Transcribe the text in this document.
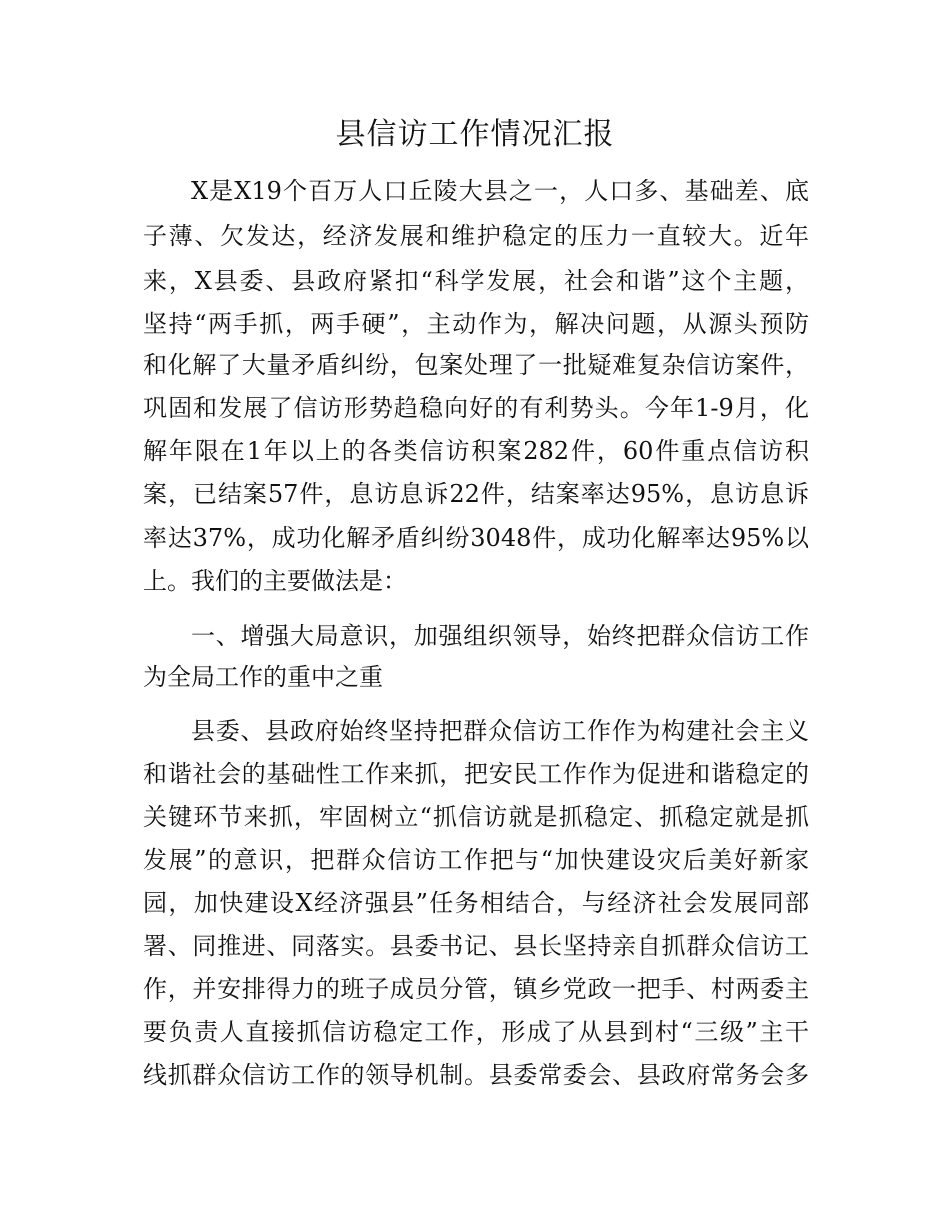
县信访工作情况汇报
X是X19个百万人口丘陵大县之一，人口多、基础差、底
子薄、欠发达，经济发展和维护稳定的压力一直较大。近年
来，X县委、县政府紧扣“科学发展，社会和谐”这个主题，
坚持“两手抓，两手硬”，主动作为，解决问题，从源头预防
和化解了大量矛盾纠纷，包案处理了一批疑难复杂信访案件，
巩固和发展了信访形势趋稳向好的有利势头。今年1-9月，化
解年限在1年以上的各类信访积案282件，60件重点信访积
案，已结案57件，息访息诉22件，结案率达95%，息访息诉
率达37%，成功化解矛盾纠纷3048件，成功化解率达95%以
上。我们的主要做法是：
一、增强大局意识，加强组织领导，始终把群众信访工作
为全局工作的重中之重
县委、县政府始终坚持把群众信访工作作为构建社会主义
和谐社会的基础性工作来抓，把安民工作作为促进和谐稳定的
关键环节来抓，牢固树立“抓信访就是抓稳定、抓稳定就是抓
发展”的意识，把群众信访工作把与“加快建设灾后美好新家
园，加快建设X经济强县”任务相结合，与经济社会发展同部
署、同推进、同落实。县委书记、县长坚持亲自抓群众信访工
作，并安排得力的班子成员分管，镇乡党政一把手、村两委主
要负责人直接抓信访稳定工作，形成了从县到村“三级”主干
线抓群众信访工作的领导机制。县委常委会、县政府常务会多
